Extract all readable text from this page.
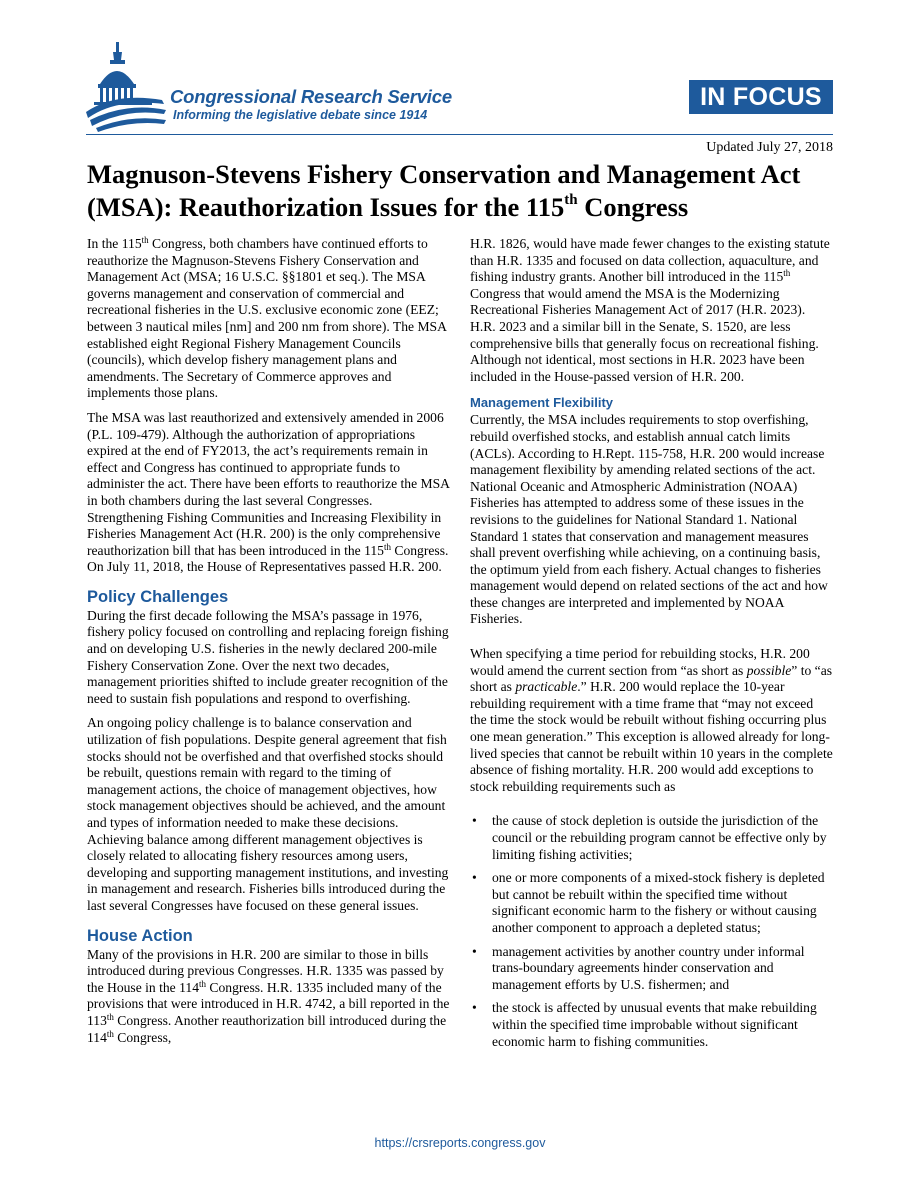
Congressional Research Service
Informing the legislative debate since 1914
IN FOCUS
Updated July 27, 2018
Magnuson-Stevens Fishery Conservation and Management Act
(MSA): Reauthorization Issues for the 115th Congress

In the 115th Congress, both chambers have continued efforts to reauthorize the Magnuson-Stevens Fishery Conservation and Management Act (MSA; 16 U.S.C. §§1801 et seq.). The MSA governs management and conservation of commercial and recreational fisheries in the U.S. exclusive economic zone (EEZ; between 3 nautical miles [nm] and 200 nm from shore). The MSA established eight Regional Fishery Management Councils (councils), which develop fishery management plans and amendments. The Secretary of Commerce approves and implements those plans.

The MSA was last reauthorized and extensively amended in 2006 (P.L. 109-479). Although the authorization of appropriations expired at the end of FY2013, the act’s requirements remain in effect and Congress has continued to appropriate funds to administer the act. There have been efforts to reauthorize the MSA in both chambers during the last several Congresses. Strengthening Fishing Communities and Increasing Flexibility in Fisheries Management Act (H.R. 200) is the only comprehensive reauthorization bill that has been introduced in the 115th Congress. On July 11, 2018, the House of Representatives passed H.R. 200.

Policy Challenges

During the first decade following the MSA’s passage in 1976, fishery policy focused on controlling and replacing foreign fishing and on developing U.S. fisheries in the newly declared 200-mile Fishery Conservation Zone. Over the next two decades, management priorities shifted to include greater recognition of the need to sustain fish populations and respond to overfishing.

An ongoing policy challenge is to balance conservation and utilization of fish populations. Despite general agreement that fish stocks should not be overfished and that overfished stocks should be rebuilt, questions remain with regard to the timing of management actions, the choice of management objectives, how stock management objectives should be achieved, and the amount and types of information needed to make these decisions. Achieving balance among different management objectives is closely related to allocating fishery resources among users, developing and supporting management institutions, and investing in management and research. Fisheries bills introduced during the last several Congresses have focused on these general issues.

House Action

Many of the provisions in H.R. 200 are similar to those in bills introduced during previous Congresses. H.R. 1335 was passed by the House in the 114th Congress. H.R. 1335 included many of the provisions that were introduced in H.R. 4742, a bill reported in the 113th Congress. Another reauthorization bill introduced during the 114th Congress,

H.R. 1826, would have made fewer changes to the existing statute than H.R. 1335 and focused on data collection, aquaculture, and fishing industry grants. Another bill introduced in the 115th Congress that would amend the MSA is the Modernizing Recreational Fisheries Management Act of 2017 (H.R. 2023). H.R. 2023 and a similar bill in the Senate, S. 1520, are less comprehensive bills that generally focus on recreational fishing. Although not identical, most sections in H.R. 2023 have been included in the House-passed version of H.R. 200.

Management Flexibility

Currently, the MSA includes requirements to stop overfishing, rebuild overfished stocks, and establish annual catch limits (ACLs). According to H.Rept. 115-758, H.R. 200 would increase management flexibility by amending related sections of the act. National Oceanic and Atmospheric Administration (NOAA) Fisheries has attempted to address some of these issues in the revisions to the guidelines for National Standard 1. National Standard 1 states that conservation and management measures shall prevent overfishing while achieving, on a continuing basis, the optimum yield from each fishery. Actual changes to fisheries management would depend on related sections of the act and how these changes are interpreted and implemented by NOAA Fisheries.

When specifying a time period for rebuilding stocks, H.R. 200 would amend the current section from “as short as possible” to “as short as practicable.” H.R. 200 would replace the 10-year rebuilding requirement with a time frame that “may not exceed the time the stock would be rebuilt without fishing occurring plus one mean generation.” This exception is allowed already for long-lived species that cannot be rebuilt within 10 years in the complete absence of fishing mortality. H.R. 200 would add exceptions to stock rebuilding requirements such as

• the cause of stock depletion is outside the jurisdiction of the council or the rebuilding program cannot be effective only by limiting fishing activities;
• one or more components of a mixed-stock fishery is depleted but cannot be rebuilt within the specified time without significant economic harm to the fishery or without causing another component to approach a depleted status;
• management activities by another country under informal trans-boundary agreements hinder conservation and management efforts by U.S. fishermen; and
• the stock is affected by unusual events that make rebuilding within the specified time improbable without significant economic harm to fishing communities.
https://crsreports.congress.gov
